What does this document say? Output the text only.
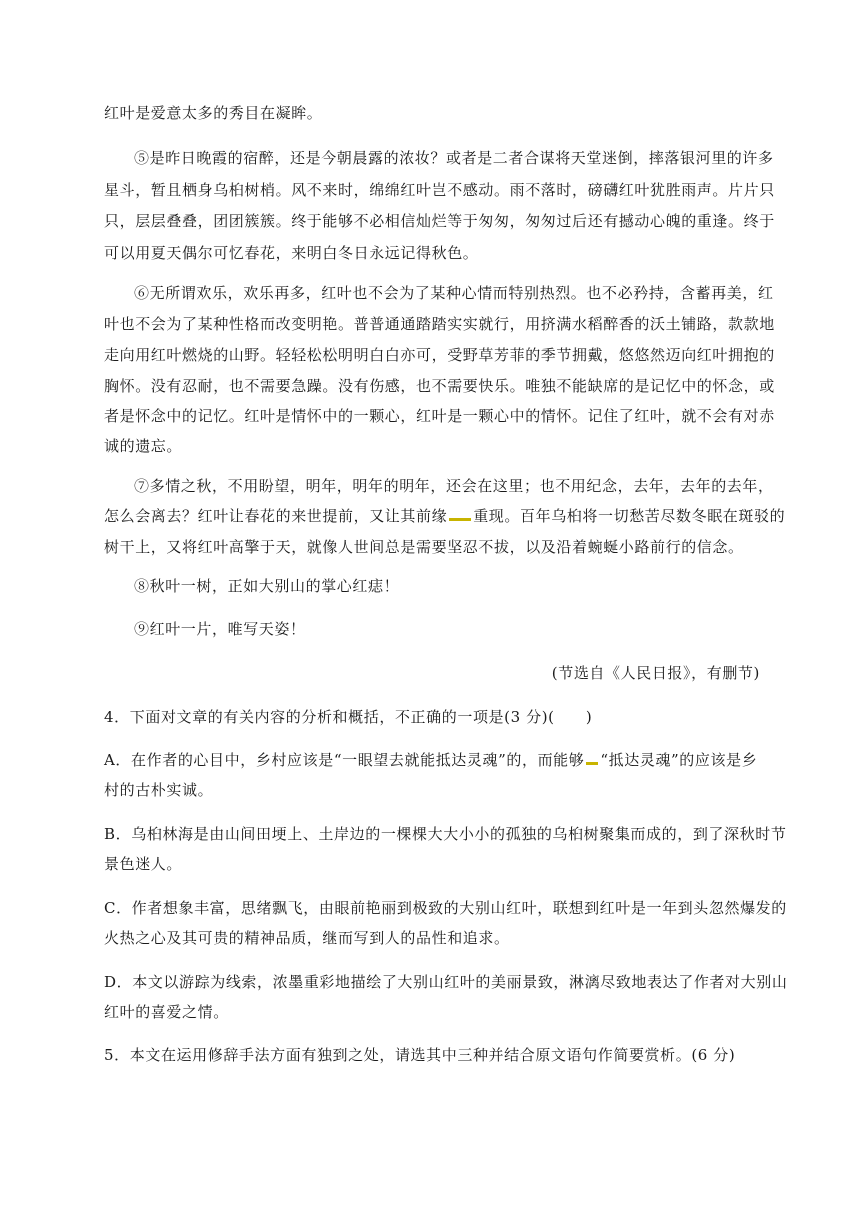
红叶是爱意太多的秀目在凝眸。
⑤是昨日晚霞的宿醉，还是今朝晨露的浓妆？或者是二者合谋将天堂迷倒，摔落银河里的许多
星斗，暂且栖身乌桕树梢。风不来时，绵绵红叶岂不感动。雨不落时，磅礴红叶犹胜雨声。片片只
只，层层叠叠，团团簇簇。终于能够不必相信灿烂等于匆匆，匆匆过后还有撼动心魄的重逢。终于
可以用夏天偶尔可忆春花，来明白冬日永远记得秋色。
⑥无所谓欢乐，欢乐再多，红叶也不会为了某种心情而特别热烈。也不必矜持，含蓄再美，红
叶也不会为了某种性格而改变明艳。普普通通踏踏实实就行，用挤满水稻醉香的沃土铺路，款款地
走向用红叶燃烧的山野。轻轻松松明明白白亦可，受野草芳菲的季节拥戴，悠悠然迈向红叶拥抱的
胸怀。没有忍耐，也不需要急躁。没有伤感，也不需要快乐。唯独不能缺席的是记忆中的怀念，或
者是怀念中的记忆。红叶是情怀中的一颗心，红叶是一颗心中的情怀。记住了红叶，就不会有对赤
诚的遗忘。
⑦多情之秋，不用盼望，明年，明年的明年，还会在这里；也不用纪念，去年，去年的去年，
怎么会离去？红叶让春花的来世提前，又让其前缘 重现。百年乌桕将一切愁苦尽数冬眠在斑驳的
树干上，又将红叶高擎于天，就像人世间总是需要坚忍不拔，以及沿着蜿蜒小路前行的信念。
⑧秋叶一树，正如大别山的掌心红痣！
⑨红叶一片，唯写天姿！
(节选自《人民日报》，有删节)
4．下面对文章的有关内容的分析和概括，不正确的一项是(3 分)(　　)
A．在作者的心目中，乡村应该是“一眼望去就能抵达灵魂”的，而能够 “抵达灵魂”的应该是乡
村的古朴实诚。
B．乌桕林海是由山间田埂上、土岸边的一棵棵大大小小的孤独的乌桕树聚集而成的，到了深秋时节
景色迷人。
C．作者想象丰富，思绪飘飞，由眼前艳丽到极致的大别山红叶，联想到红叶是一年到头忽然爆发的
火热之心及其可贵的精神品质，继而写到人的品性和追求。
D．本文以游踪为线索，浓墨重彩地描绘了大别山红叶的美丽景致，淋漓尽致地表达了作者对大别山
红叶的喜爱之情。
5．本文在运用修辞手法方面有独到之处，请选其中三种并结合原文语句作简要赏析。(6 分)
